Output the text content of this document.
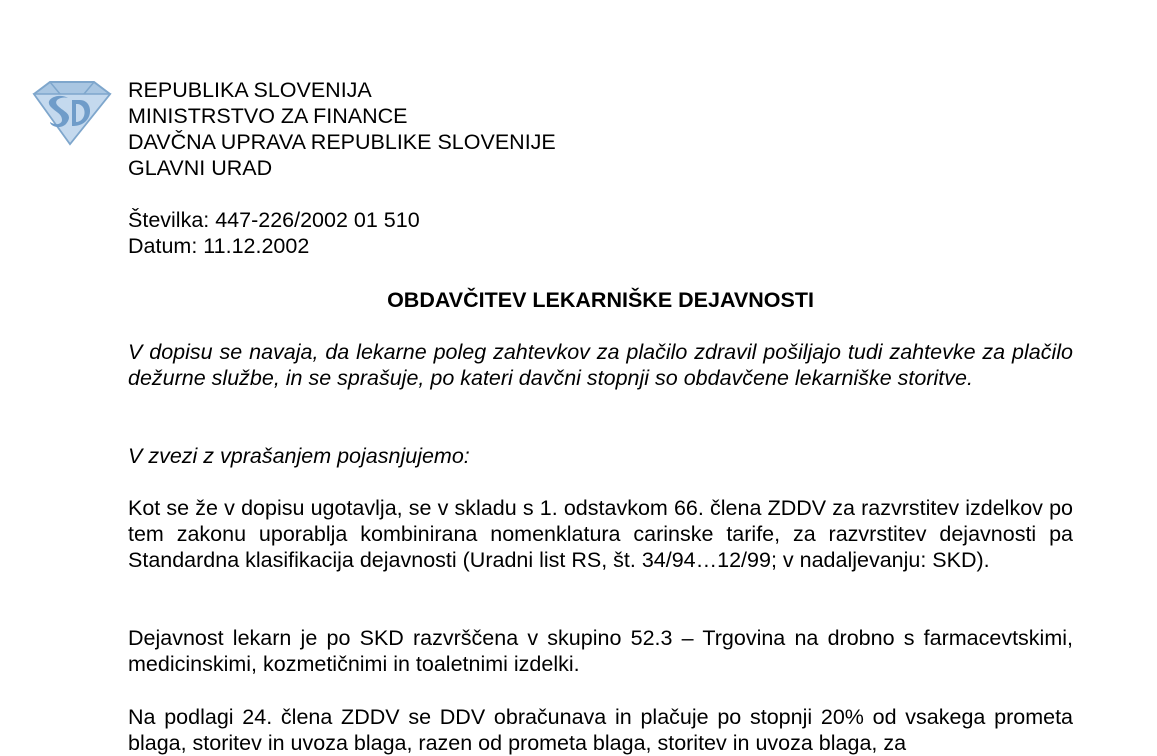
REPUBLIKA SLOVENIJA
MINISTRSTVO ZA FINANCE
DAVČNA UPRAVA REPUBLIKE SLOVENIJE
GLAVNI URAD
Številka: 447-226/2002 01 510
Datum: 11.12.2002
OBDAVČITEV LEKARNIŠKE DEJAVNOSTI

V dopisu se navaja, da lekarne poleg zahtevkov za plačilo zdravil pošiljajo tudi zahtevke za plačilo dežurne službe, in se sprašuje, po kateri davčni stopnji so obdavčene lekarniške storitve.

V zvezi z vprašanjem pojasnjujemo:

Kot se že v dopisu ugotavlja, se v skladu s 1. odstavkom 66. člena ZDDV za razvrstitev izdelkov po tem zakonu uporablja kombinirana nomenklatura carinske tarife, za razvrstitev dejavnosti pa Standardna klasifikacija dejavnosti (Uradni list RS, št. 34/94…12/99; v nadaljevanju: SKD).

Dejavnost lekarn je po SKD razvrščena v skupino 52.3 – Trgovina na drobno s farmacevtskimi, medicinskimi, kozmetičnimi in toaletnimi izdelki.

Na podlagi 24. člena ZDDV se DDV obračunava in plačuje po stopnji 20% od vsakega prometa blaga, storitev in uvoza blaga, razen od prometa blaga, storitev in uvoza blaga, za
